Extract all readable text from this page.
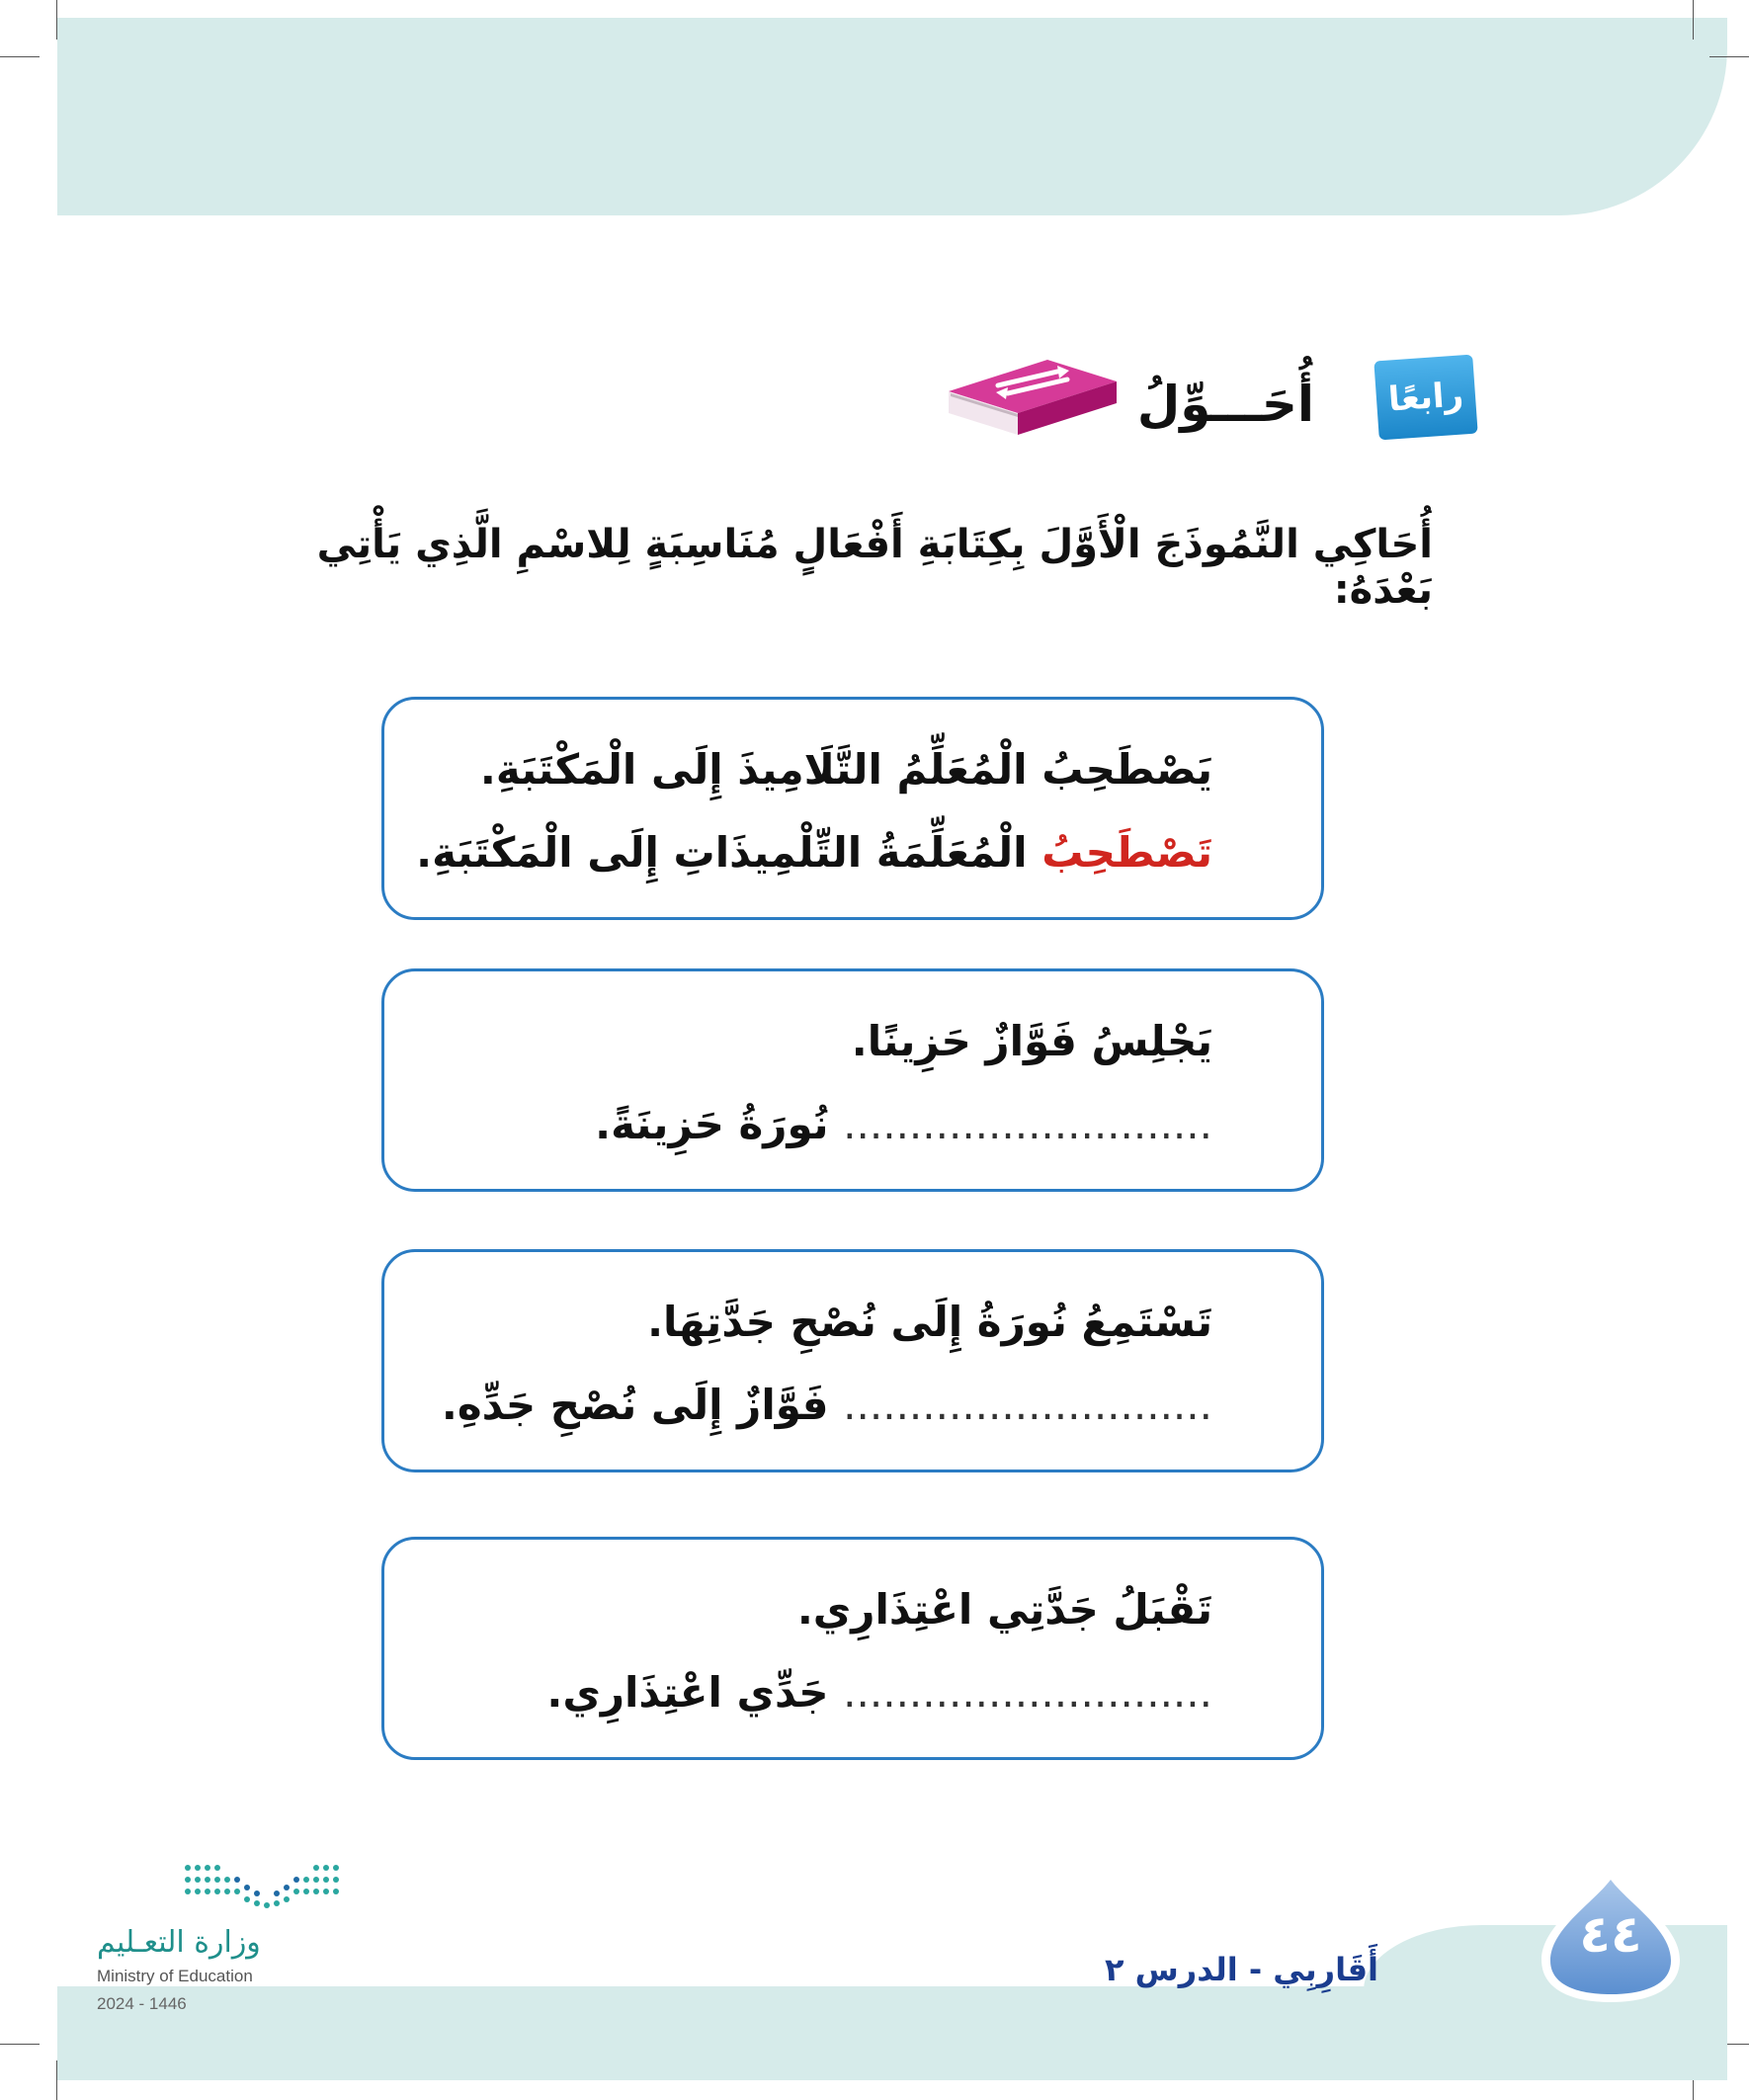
رابعًا
أُحَـــوِّلُ
أُحَاكِي النَّمُوذَجَ الْأَوَّلَ بِكِتَابَةِ أَفْعَالٍ مُنَاسِبَةٍ لِلاسْمِ الَّذِي يَأْتِي بَعْدَهُ:
يَصْطَحِبُ الْمُعَلِّمُ التَّلَامِيذَ إِلَى الْمَكْتَبَةِ.
تَصْطَحِبُ الْمُعَلِّمَةُ التِّلْمِيذَاتِ إِلَى الْمَكْتَبَةِ.
يَجْلِسُ فَوَّازٌ حَزِينًا.
............................ نُورَةُ حَزِينَةً.
تَسْتَمِعُ نُورَةُ إِلَى نُصْحِ جَدَّتِهَا.
............................ فَوَّازٌ إِلَى نُصْحِ جَدِّهِ.
تَقْبَلُ جَدَّتِي اعْتِذَارِي.
............................ جَدِّي اعْتِذَارِي.
٤٤
أَقَارِبِي - الدرس ٢
وزارة التعـليم
Ministry of Education
2024 - 1446
